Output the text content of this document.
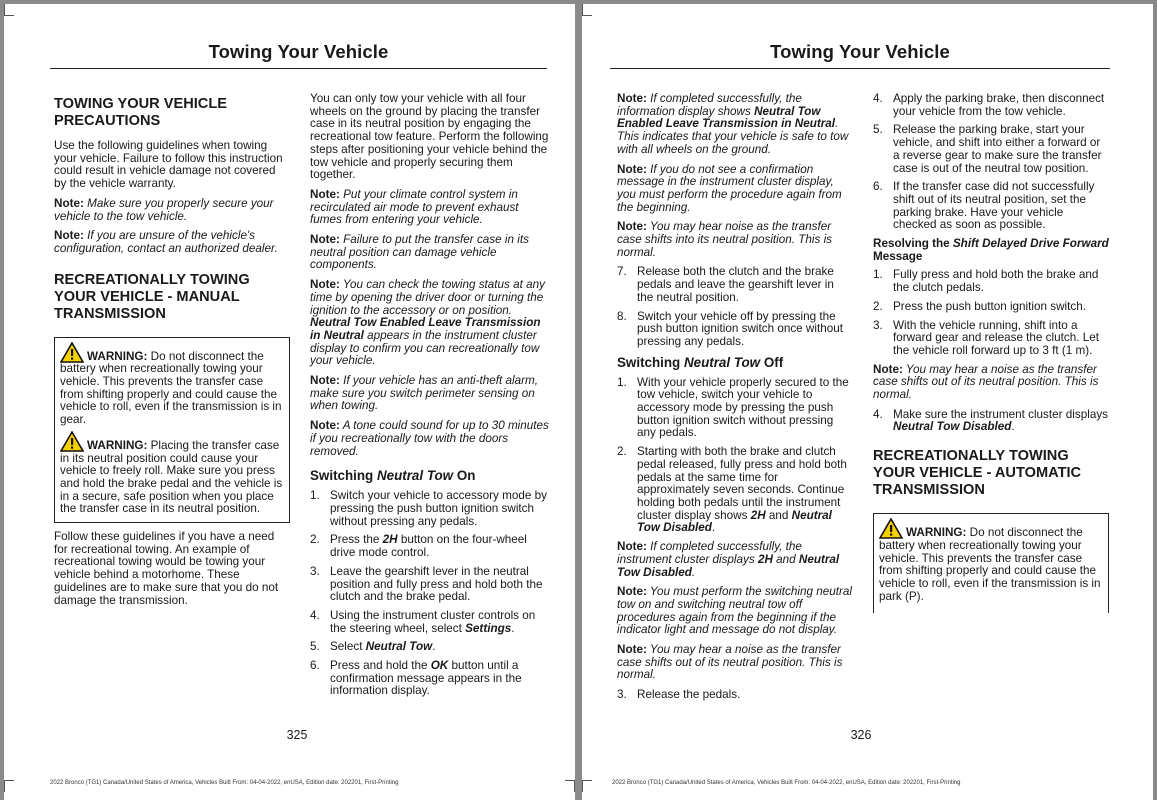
Towing Your Vehicle
TOWING YOUR VEHICLE PRECAUTIONS

Use the following guidelines when towing your vehicle. Failure to follow this instruction could result in vehicle damage not covered by the vehicle warranty.

Note: Make sure you properly secure your vehicle to the tow vehicle.

Note: If you are unsure of the vehicle's configuration, contact an authorized dealer.

RECREATIONALLY TOWING YOUR VEHICLE - MANUAL TRANSMISSION

WARNING: Do not disconnect the battery when recreationally towing your vehicle. This prevents the transfer case from shifting properly and could cause the vehicle to roll, even if the transmission is in gear.

WARNING: Placing the transfer case in its neutral position could cause your vehicle to freely roll. Make sure you press and hold the brake pedal and the vehicle is in a secure, safe position when you place the transfer case in its neutral position.

Follow these guidelines if you have a need for recreational towing. An example of recreational towing would be towing your vehicle behind a motorhome. These guidelines are to make sure that you do not damage the transmission.

You can only tow your vehicle with all four wheels on the ground by placing the transfer case in its neutral position by engaging the recreational tow feature. Perform the following steps after positioning your vehicle behind the tow vehicle and properly securing them together.

Note: Put your climate control system in recirculated air mode to prevent exhaust fumes from entering your vehicle.

Note: Failure to put the transfer case in its neutral position can damage vehicle components.

Note: You can check the towing status at any time by opening the driver door or turning the ignition to the accessory or on position. Neutral Tow Enabled Leave Transmission in Neutral appears in the instrument cluster display to confirm you can recreationally tow your vehicle.

Note: If your vehicle has an anti-theft alarm, make sure you switch perimeter sensing on when towing.

Note: A tone could sound for up to 30 minutes if you recreationally tow with the doors removed.

Switching Neutral Tow On
1. Switch your vehicle to accessory mode by pressing the push button ignition switch without pressing any pedals.
2. Press the 2H button on the four-wheel drive mode control.
3. Leave the gearshift lever in the neutral position and fully press and hold both the clutch and the brake pedal.
4. Using the instrument cluster controls on the steering wheel, select Settings.
5. Select Neutral Tow.
6. Press and hold the OK button until a confirmation message appears in the information display.
325
2022 Bronco (TG1) Canada/United States of America, Vehicles Built From: 04-04-2022, enUSA, Edition date: 202201, First-Printing
Towing Your Vehicle

Note: If completed successfully, the information display shows Neutral Tow Enabled Leave Transmission in Neutral. This indicates that your vehicle is safe to tow with all wheels on the ground.

Note: If you do not see a confirmation message in the instrument cluster display, you must perform the procedure again from the beginning.

Note: You may hear noise as the transfer case shifts into its neutral position. This is normal.

7. Release both the clutch and the brake pedals and leave the gearshift lever in the neutral position.
8. Switch your vehicle off by pressing the push button ignition switch once without pressing any pedals.
Switching Neutral Tow Off
1. With your vehicle properly secured to the tow vehicle, switch your vehicle to accessory mode by pressing the push button ignition switch without pressing any pedals.
2. Starting with both the brake and clutch pedal released, fully press and hold both pedals at the same time for approximately seven seconds. Continue holding both pedals until the instrument cluster display shows 2H and Neutral Tow Disabled.

Note: If completed successfully, the instrument cluster displays 2H and Neutral Tow Disabled.

Note: You must perform the switching neutral tow on and switching neutral tow off procedures again from the beginning if the indicator light and message do not display.

Note: You may hear a noise as the transfer case shifts out of its neutral position. This is normal.

3. Release the pedals.
4. Apply the parking brake, then disconnect your vehicle from the tow vehicle.
5. Release the parking brake, start your vehicle, and shift into either a forward or a reverse gear to make sure the transfer case is out of the neutral tow position.
6. If the transfer case did not successfully shift out of its neutral position, set the parking brake. Have your vehicle checked as soon as possible.
Resolving the Shift Delayed Drive Forward Message
1. Fully press and hold both the brake and the clutch pedals.
2. Press the push button ignition switch.
3. With the vehicle running, shift into a forward gear and release the clutch. Let the vehicle roll forward up to 3 ft (1 m).

Note: You may hear a noise as the transfer case shifts out of its neutral position. This is normal.

4. Make sure the instrument cluster displays Neutral Tow Disabled.
RECREATIONALLY TOWING YOUR VEHICLE - AUTOMATIC TRANSMISSION

WARNING: Do not disconnect the battery when recreationally towing your vehicle. This prevents the transfer case from shifting properly and could cause the vehicle to roll, even if the transmission is in park (P).

326
2022 Bronco (TG1) Canada/United States of America, Vehicles Built From: 04-04-2022, enUSA, Edition date: 202201, First-Printing
